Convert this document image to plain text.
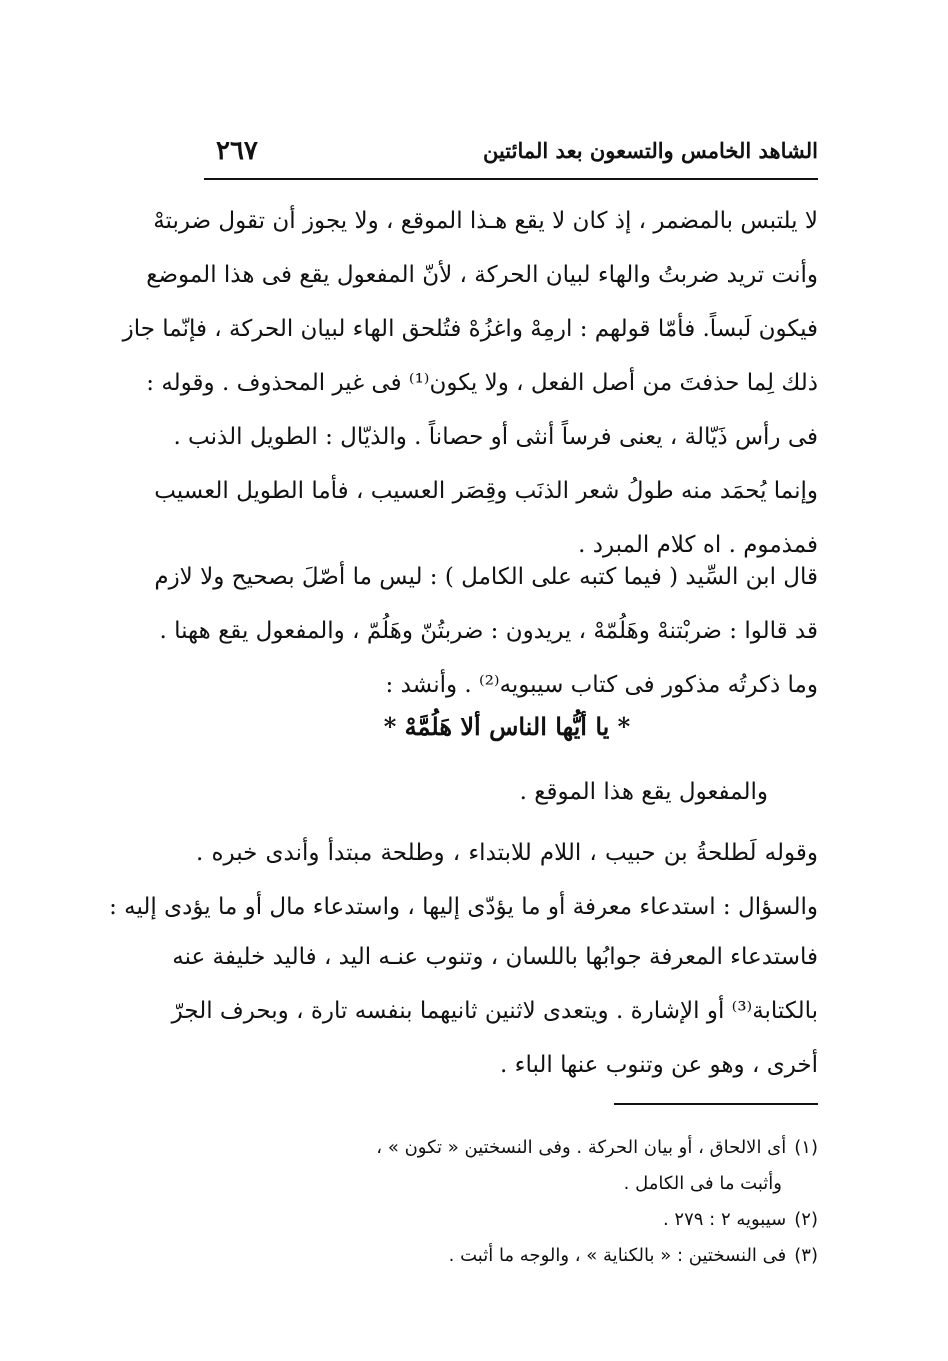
الشاهد الخامس والتسعون بعد المائتين
٢٦٧
لا يلتبس بالمضمر ، إذ كان لا يقع هـذا الموقع ، ولا يجوز أن تقول ضربتهْ
وأنت تريد ضربتُ والهاء لبيان الحركة ، لأنّ المفعول يقع فى هذا الموضع
فيكون لَبساً. فأمّا قولهم : ارمِهْ واغزُهْ فتُلحق الهاء لبيان الحركة ، فإنّما جاز
ذلك لِما حذفتَ من أصل الفعل ، ولا يكون⁽¹⁾ فى غير المحذوف . وقوله :
فى رأس ذَيّالة ، يعنى فرساً أنثى أو حصاناً . والذيّال : الطويل الذنب .
وإنما يُحمَد منه طولُ شعر الذنَب وقِصَر العسيب ، فأما الطويل العسيب
فمذموم . اه كلام المبرد .
قال ابن السِّيد ( فيما كتبه على الكامل ) : ليس ما أصّلَ بصحيح ولا لازم
قد قالوا : ضربْتنهْ وهَلُمّهْ ، يريدون : ضربتُنّ وهَلُمّ ، والمفعول يقع ههنا .
وما ذكرتُه مذكور فى كتاب سيبويه⁽²⁾ . وأنشد :
* يا أيُّها الناس ألا هَلُمَّهْ *
والمفعول يقع هذا الموقع .
وقوله لَطلحةُ بن حبيب ، اللام للابتداء ، وطلحة مبتدأ وأندى خبره .
والسؤال : استدعاء معرفة أو ما يؤدّى إليها ، واستدعاء مال أو ما يؤدى إليه :
فاستدعاء المعرفة جوابُها باللسان ، وتنوب عنـه اليد ، فاليد خليفة عنه
بالكتابة⁽³⁾ أو الإشارة . ويتعدى لاثنين ثانيهما بنفسه تارة ، وبحرف الجرّ
أخرى ، وهو عن وتنوب عنها الباء .
(١)أى الالحاق ، أو بيان الحركة . وفى النسختين « تكون » ،
وأثبت ما فى الكامل .
(٢)سيبويه ٢ : ٢٧٩ .
(٣)فى النسختين : « بالكناية » ، والوجه ما أثبت .
